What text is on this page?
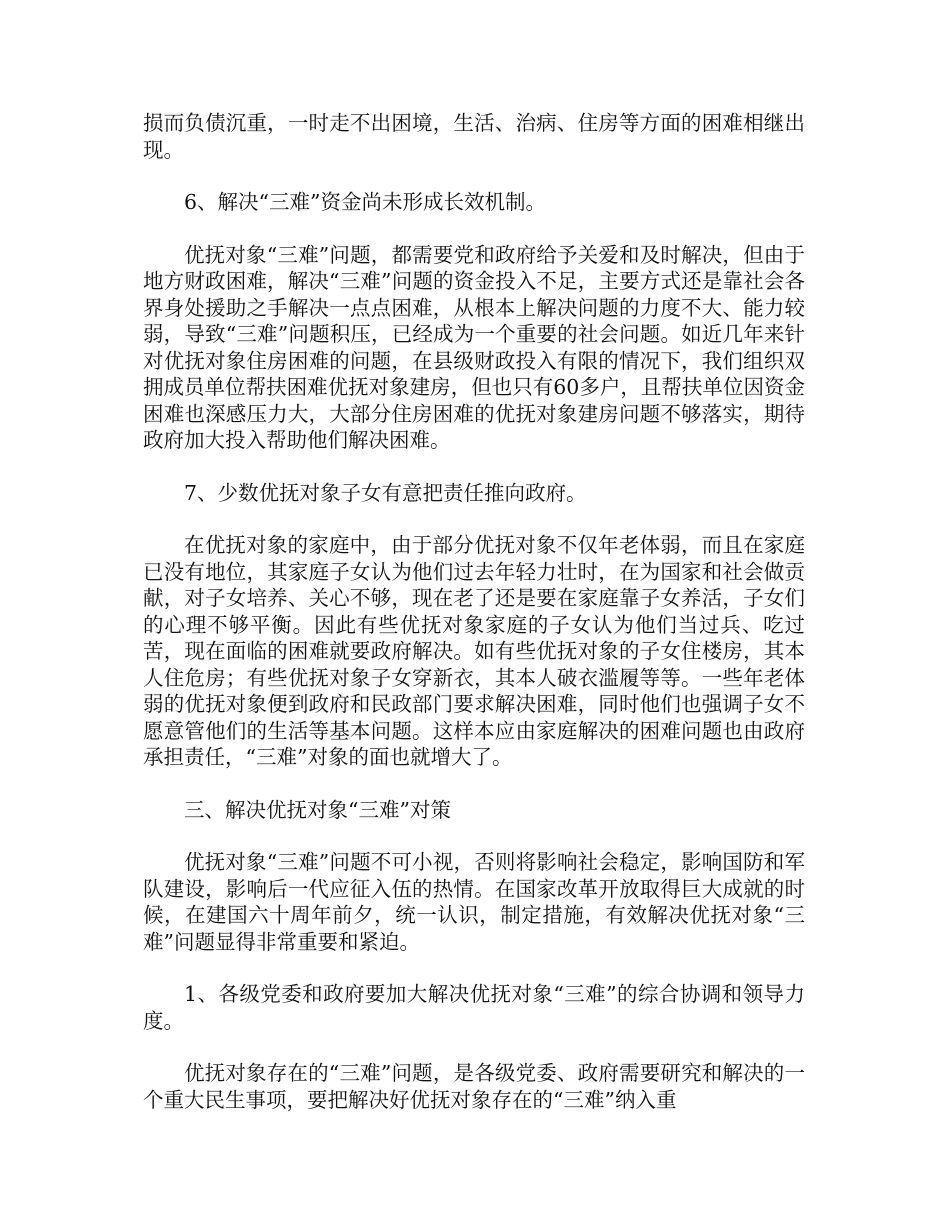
损而负债沉重，一时走不出困境，生活、治病、住房等方面的困难相继出现。

6、解决“三难”资金尚未形成长效机制。

优抚对象“三难”问题，都需要党和政府给予关爱和及时解决，但由于地方财政困难，解决“三难”问题的资金投入不足，主要方式还是靠社会各界身处援助之手解决一点点困难，从根本上解决问题的力度不大、能力较弱，导致“三难”问题积压，已经成为一个重要的社会问题。如近几年来针对优抚对象住房困难的问题，在县级财政投入有限的情况下，我们组织双拥成员单位帮扶困难优抚对象建房，但也只有60多户，且帮扶单位因资金困难也深感压力大，大部分住房困难的优抚对象建房问题不够落实，期待政府加大投入帮助他们解决困难。

7、少数优抚对象子女有意把责任推向政府。

在优抚对象的家庭中，由于部分优抚对象不仅年老体弱，而且在家庭已没有地位，其家庭子女认为他们过去年轻力壮时，在为国家和社会做贡献，对子女培养、关心不够，现在老了还是要在家庭靠子女养活，子女们的心理不够平衡。因此有些优抚对象家庭的子女认为他们当过兵、吃过苦，现在面临的困难就要政府解决。如有些优抚对象的子女住楼房，其本人住危房；有些优抚对象子女穿新衣，其本人破衣滥履等等。一些年老体弱的优抚对象便到政府和民政部门要求解决困难，同时他们也强调子女不愿意管他们的生活等基本问题。这样本应由家庭解决的困难问题也由政府承担责任，“三难”对象的面也就增大了。

三、解决优抚对象“三难”对策

优抚对象“三难”问题不可小视，否则将影响社会稳定，影响国防和军队建设，影响后一代应征入伍的热情。在国家改革开放取得巨大成就的时候，在建国六十周年前夕，统一认识，制定措施，有效解决优抚对象“三难”问题显得非常重要和紧迫。

1、各级党委和政府要加大解决优抚对象“三难”的综合协调和领导力度。

优抚对象存在的“三难”问题，是各级党委、政府需要研究和解决的一个重大民生事项，要把解决好优抚对象存在的“三难”纳入重
